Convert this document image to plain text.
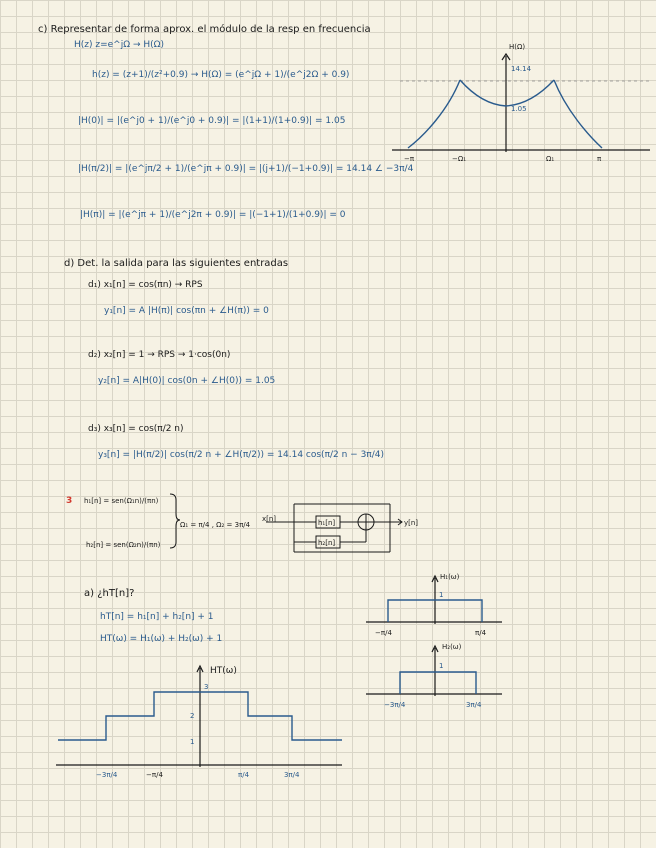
c) Representar de forma aprox. el módulo de la resp en frecuencia
H(z) z=e^jΩ → H(Ω)
h(z) = (z+1)/(z²+0.9) → H(Ω) = (e^jΩ + 1)/(e^j2Ω + 0.9)
|H(0)| = |(e^j0 + 1)/(e^j0 + 0.9)| = |(1+1)/(1+0.9)| = 1.05
|H(π/2)| = |(e^jπ/2 + 1)/(e^jπ + 0.9)| = |(j+1)/(−1+0.9)| = 14.14 ∠ −3π/4
|H(π)| = |(e^jπ + 1)/(e^j2π + 0.9)| = |(−1+1)/(1+0.9)| = 0
H(Ω)
14.14
1.05
−π	−Ω₁	Ω₁	π
d) Det. la salida para las siguientes entradas
d₁) x₁[n] = cos(πn) → RPS
y₁[n] = A |H(π)| cos(πn + ∠H(π)) = 0
d₂) x₂[n] = 1 → RPS → 1·cos(0n)
y₂[n] = A|H(0)| cos(0n + ∠H(0)) = 1.05
d₃) x₃[n] = cos(π/2 n)
y₃[n] = |H(π/2)| cos(π/2 n + ∠H(π/2)) = 14.14 cos(π/2 n − 3π/4)
3 h₁[n] = sen(Ω₁n)/(πn)
h₂[n] = sen(Ω₂n)/(πn)
Ω₁ = π/4 , Ω₂ = 3π/4
x[n]	h₁[n]
h₂[n]
y[n]
a) ¿hT[n]?
hT[n] = h₁[n] + h₂[n] + 1
HT(ω) = H₁(ω) + H₂(ω) + 1
H₁(ω)
1
−π/4	π/4
H₂(ω)
1
−3π/4	3π/4
HT(ω)
3
2
1
−3π/4	−π/4	π/4	3π/4
